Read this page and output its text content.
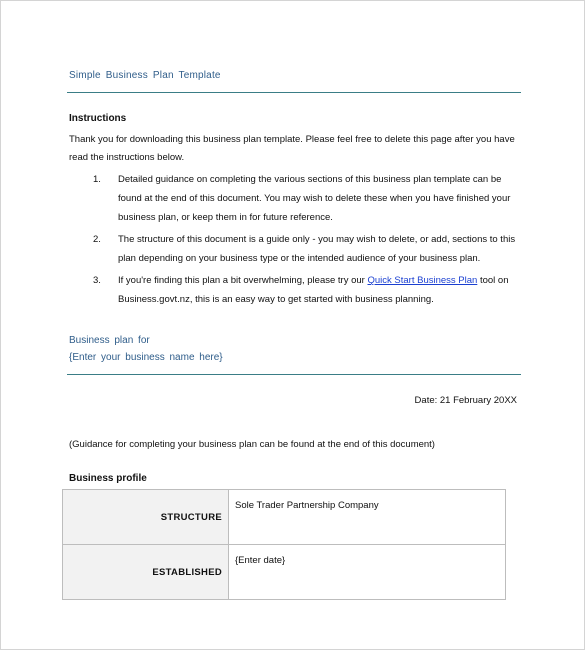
Simple Business Plan Template
Instructions
Thank you for downloading this business plan template. Please feel free to delete this page after you have read the instructions below.
1. Detailed guidance on completing the various sections of this business plan template can be found at the end of this document. You may wish to delete these when you have finished your business plan, or keep them in for future reference.
2. The structure of this document is a guide only - you may wish to delete, or add, sections to this plan depending on your business type or the intended audience of your business plan.
3. If you're finding this plan a bit overwhelming, please try our Quick Start Business Plan tool on Business.govt.nz, this is an easy way to get started with business planning.
Business plan for
{Enter your business name here}
Date: 21 February 20XX
(Guidance for completing your business plan can be found at the end of this document)
Business profile
STRUCTURE	Sole Trader Partnership Company
ESTABLISHED	{Enter date}
